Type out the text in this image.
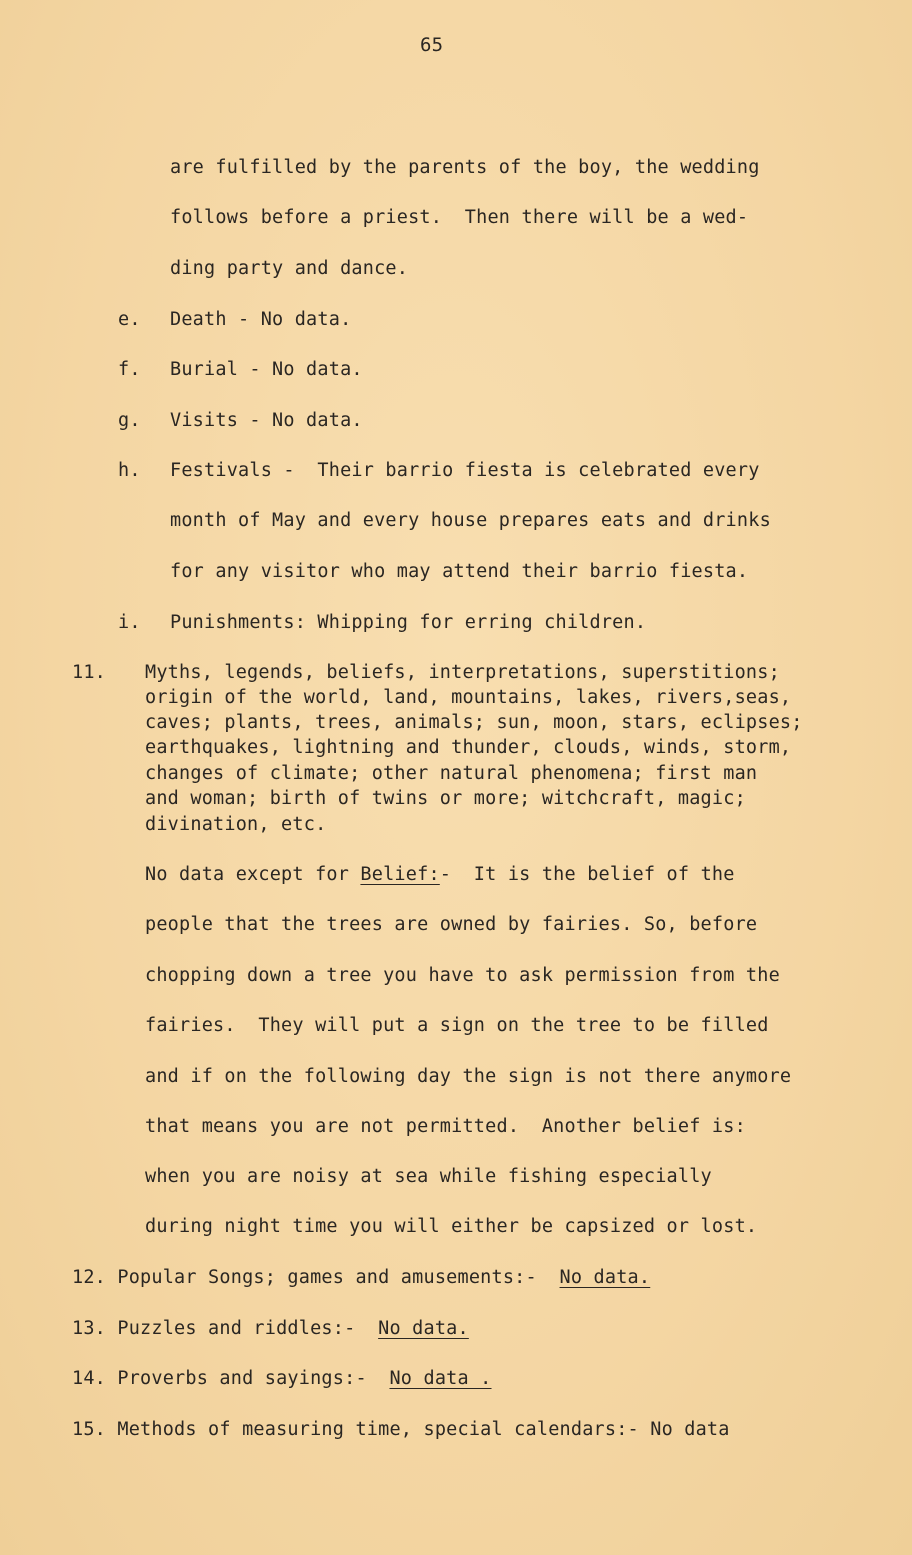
65
are fulfilled by the parents of the boy, the wedding
follows before a priest.  Then there will be a wed-
ding party and dance.
e. Death - No data.
f. Burial - No data.
g. Visits - No data.
h. Festivals -  Their barrio fiesta is celebrated every
month of May and every house prepares eats and drinks
for any visitor who may attend their barrio fiesta.
i. Punishments: Whipping for erring children.
11. Myths, legends, beliefs, interpretations, superstitions;
origin of the world, land, mountains, lakes, rivers,seas,
caves; plants, trees, animals; sun, moon, stars, eclipses;
earthquakes, lightning and thunder, clouds, winds, storm,
changes of climate; other natural phenomena; first man
and woman; birth of twins or more; witchcraft, magic;
divination, etc.
No data except for Belief:-  It is the belief of the
people that the trees are owned by fairies. So, before
chopping down a tree you have to ask permission from the
fairies.  They will put a sign on the tree to be filled
and if on the following day the sign is not there anymore
that means you are not permitted.  Another belief is:
when you are noisy at sea while fishing especially
during night time you will either be capsized or lost.
12. Popular Songs; games and amusements:-  No data.
13. Puzzles and riddles:-  No data.
14. Proverbs and sayings:-  No data .
15. Methods of measuring time, special calendars:- No data
